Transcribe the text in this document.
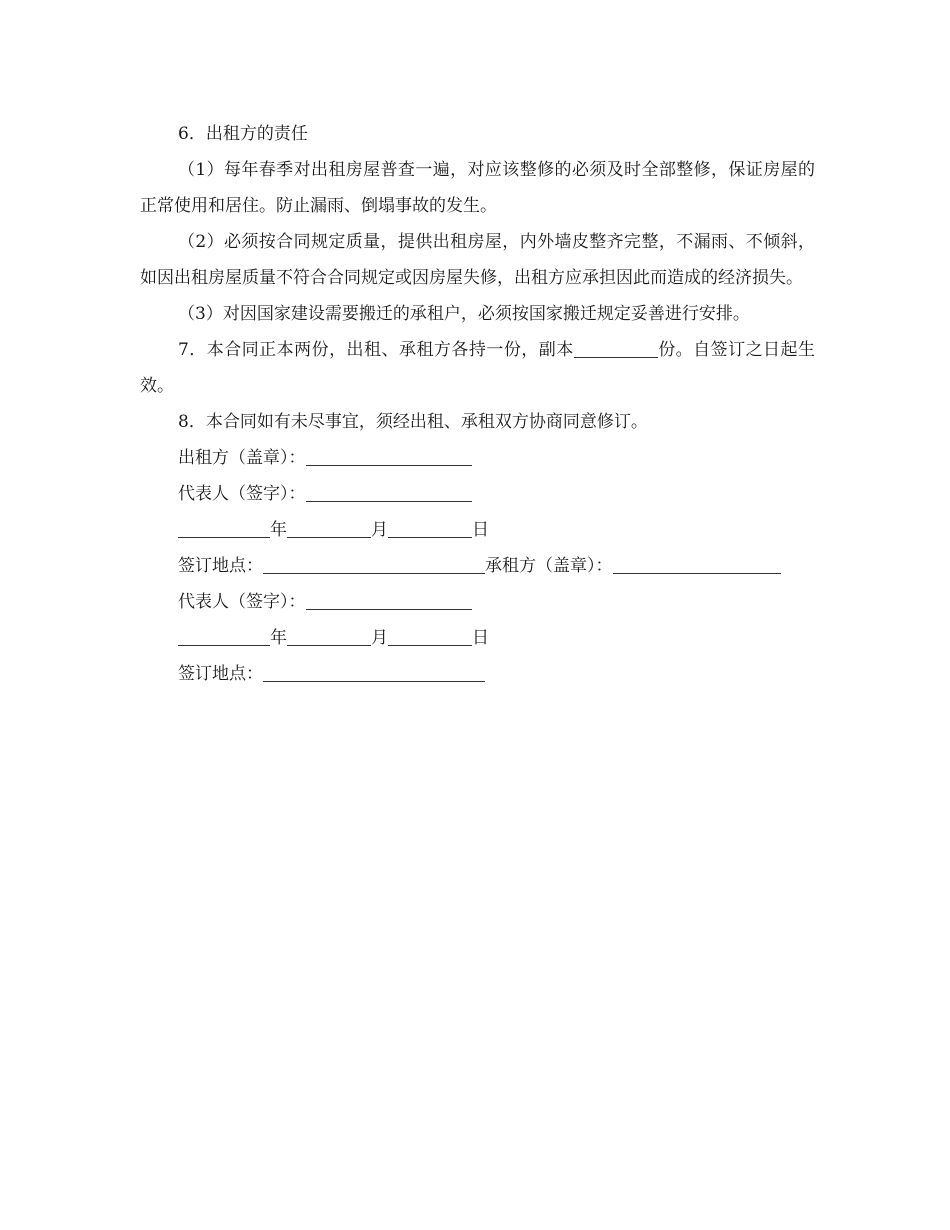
6．出租方的责任

（1）每年春季对出租房屋普查一遍，对应该整修的必须及时全部整修，保证房屋的正常使用和居住。防止漏雨、倒塌事故的发生。

（2）必须按合同规定质量，提供出租房屋，内外墙皮整齐完整，不漏雨、不倾斜，如因出租房屋质量不符合合同规定或因房屋失修，出租方应承担因此而造成的经济损失。

（3）对因国家建设需要搬迁的承租户，必须按国家搬迁规定妥善进行安排。

7．本合同正本两份，出租、承租方各持一份，副本	份。自签订之日起生效。

8．本合同如有未尽事宜，须经出租、承租双方协商同意修订。

出租方（盖章）：

代表人（签字）：

年	月	日

签订地点：	承租方（盖章）：

代表人（签字）：

年	月	日

签订地点：
